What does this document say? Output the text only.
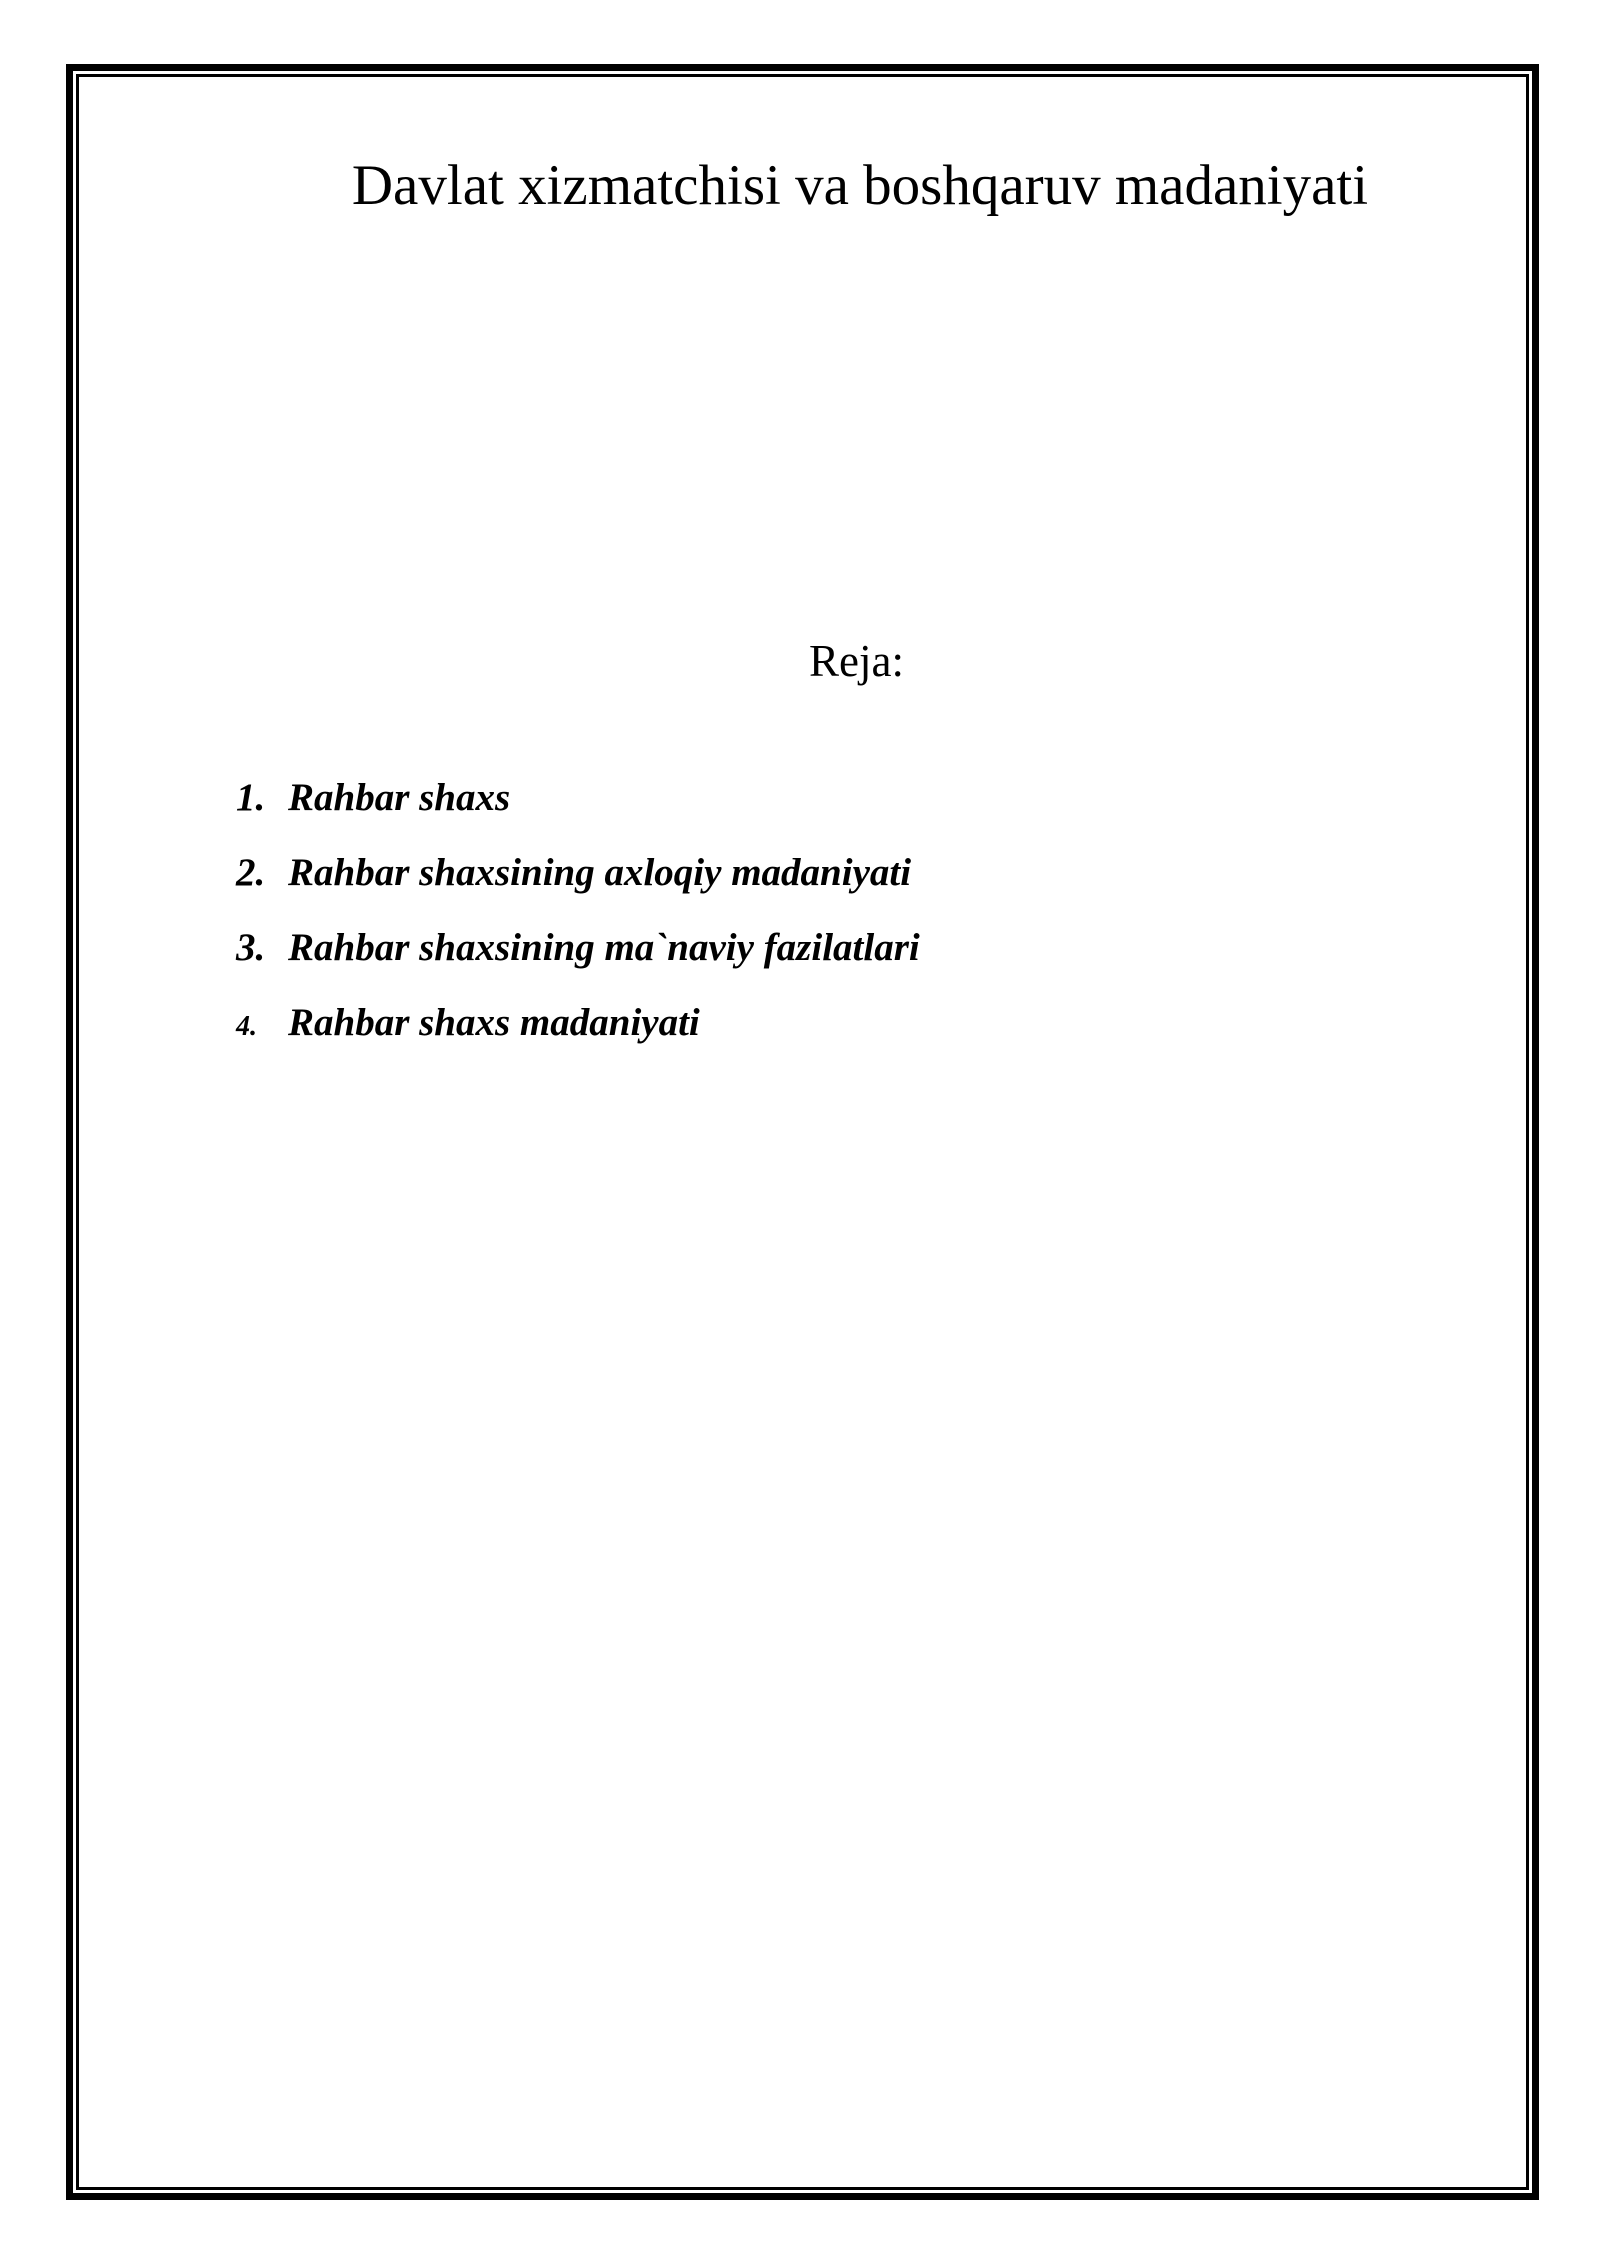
Davlat xizmatchisi va boshqaruv madaniyati
Reja:
1. Rahbar shaxs
2. Rahbar shaxsining axloqiy madaniyati
3. Rahbar shaxsining ma`naviy fazilatlari
4. Rahbar shaxs madaniyati
